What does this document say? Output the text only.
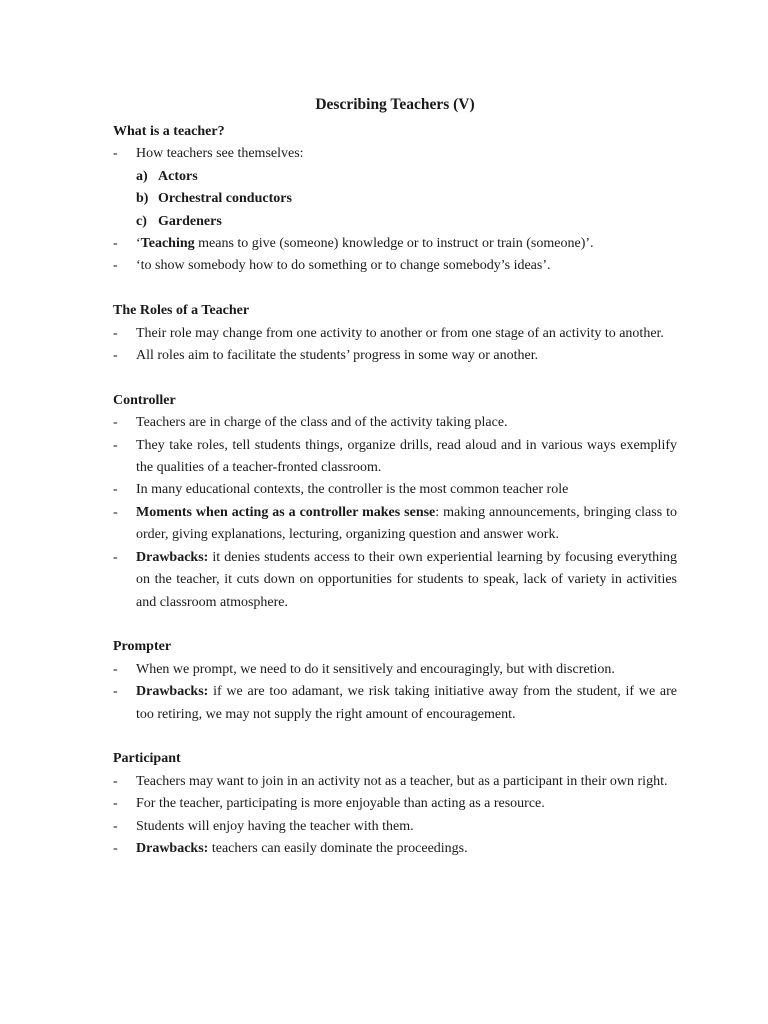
Describing Teachers (V)
What is a teacher?
- How teachers see themselves:
a) Actors
b) Orchestral conductors
c) Gardeners
- ‘Teaching means to give (someone) knowledge or to instruct or train (someone)’.
- ‘to show somebody how to do something or to change somebody’s ideas’.
The Roles of a Teacher
- Their role may change from one activity to another or from one stage of an activity to another.
- All roles aim to facilitate the students’ progress in some way or another.
Controller
- Teachers are in charge of the class and of the activity taking place.
- They take roles, tell students things, organize drills, read aloud and in various ways exemplify the qualities of a teacher-fronted classroom.
- In many educational contexts, the controller is the most common teacher role
- Moments when acting as a controller makes sense: making announcements, bringing class to order, giving explanations, lecturing, organizing question and answer work.
- Drawbacks: it denies students access to their own experiential learning by focusing everything on the teacher, it cuts down on opportunities for students to speak, lack of variety in activities and classroom atmosphere.
Prompter
- When we prompt, we need to do it sensitively and encouragingly, but with discretion.
- Drawbacks: if we are too adamant, we risk taking initiative away from the student, if we are too retiring, we may not supply the right amount of encouragement.
Participant
- Teachers may want to join in an activity not as a teacher, but as a participant in their own right.
- For the teacher, participating is more enjoyable than acting as a resource.
- Students will enjoy having the teacher with them.
- Drawbacks: teachers can easily dominate the proceedings.
